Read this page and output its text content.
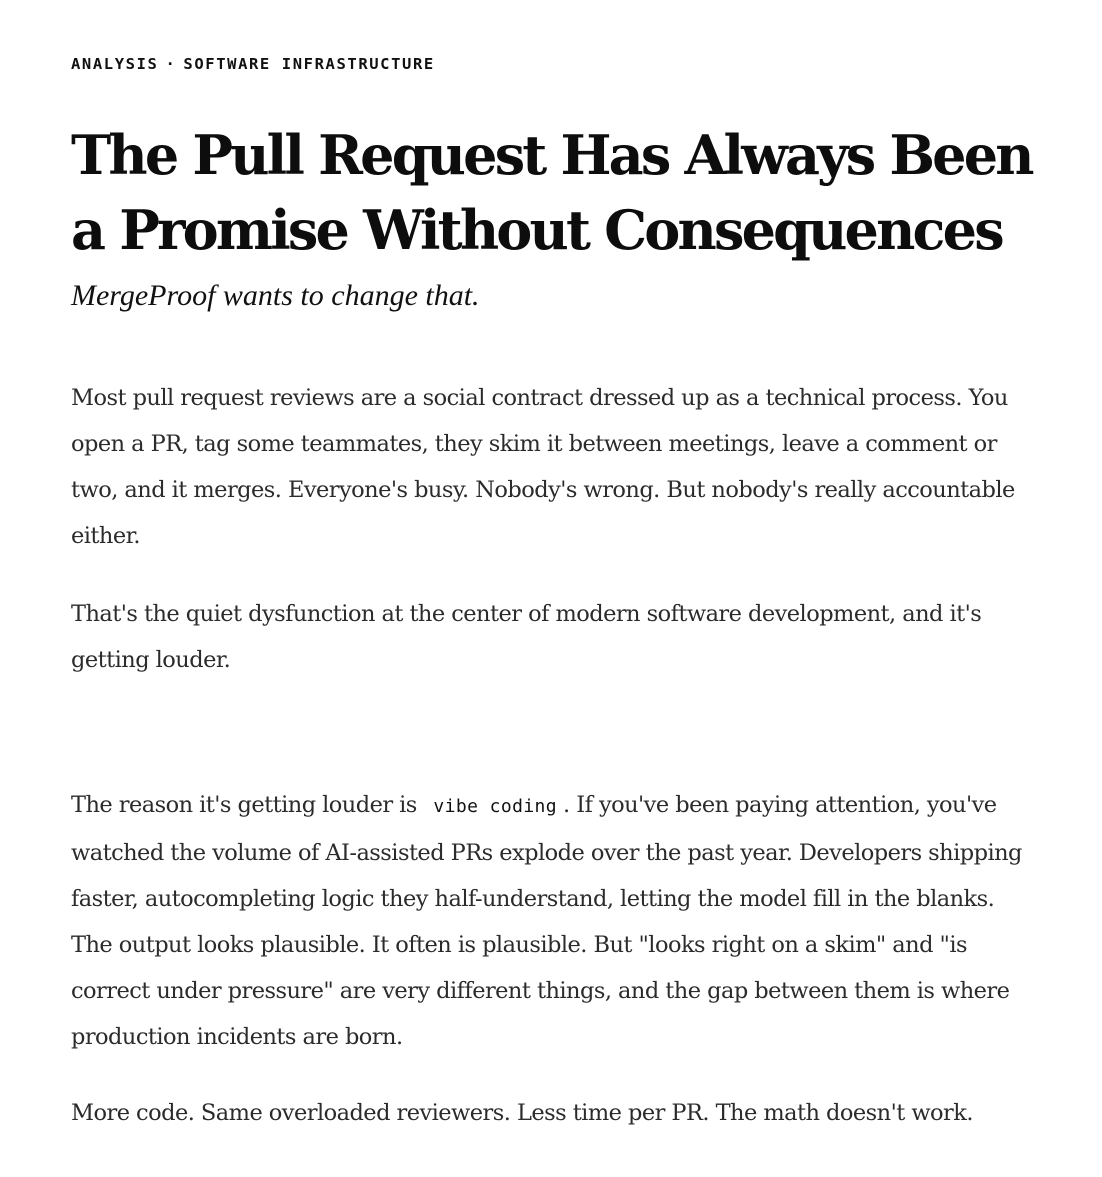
ANALYSIS · SOFTWARE INFRASTRUCTURE
The Pull Request Has Always Been a Promise Without Consequences

MergeProof wants to change that.

Most pull request reviews are a social contract dressed up as a technical process. You open a PR, tag some teammates, they skim it between meetings, leave a comment or two, and it merges. Everyone's busy. Nobody's wrong. But nobody's really accountable either.

That's the quiet dysfunction at the center of modern software development, and it's getting louder.

The reason it's getting louder is vibe coding . If you've been paying attention, you've watched the volume of AI-assisted PRs explode over the past year. Developers shipping faster, autocompleting logic they half-understand, letting the model fill in the blanks. The output looks plausible. It often is plausible. But "looks right on a skim" and "is correct under pressure" are very different things, and the gap between them is where production incidents are born.

More code. Same overloaded reviewers. Less time per PR. The math doesn't work.
